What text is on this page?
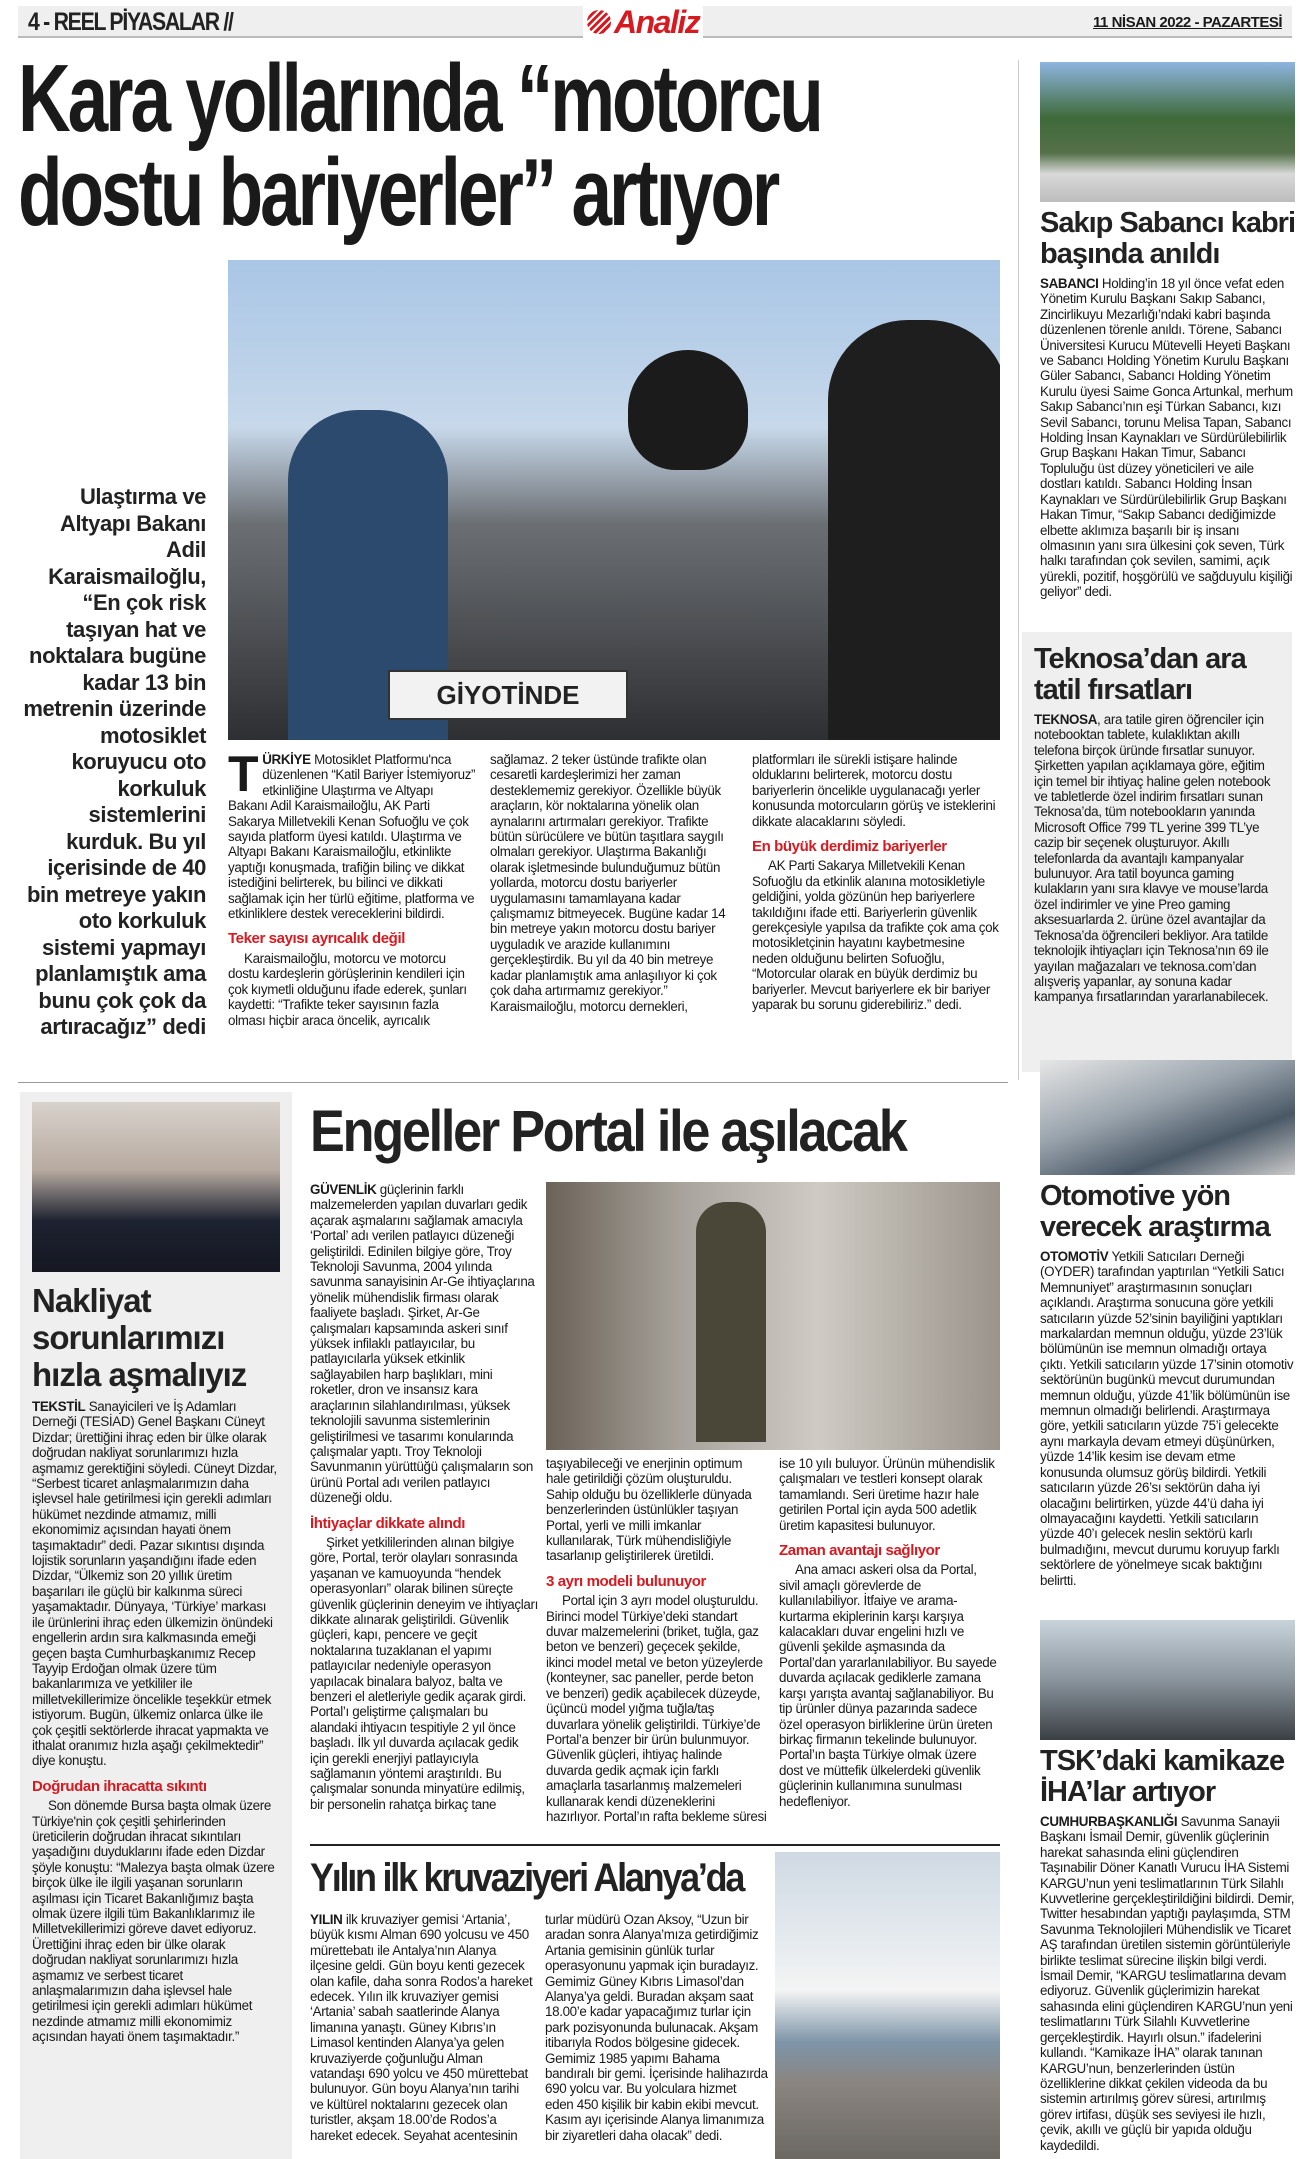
4 - REEL PİYASALAR //	Analiz	11 NİSAN 2022 - PAZARTESİ
Kara yollarında “motorcu dostu bariyerler” artıyor
GİYOTİNDE
Ulaştırma ve Altyapı Bakanı Adil Karaismailoğlu, “En çok risk taşıyan hat ve noktalara bugüne kadar 13 bin metrenin üzerinde motosiklet koruyucu oto korkuluk sistemlerini kurduk. Bu yıl içerisinde de 40 bin metreye yakın oto korkuluk sistemi yapmayı planlamıştık ama bunu çok çok da artıracağız” dedi

TÜRKİYE Motosiklet Platformu'nca düzenlenen “Katil Bariyer İstemiyoruz” etkinliğine Ulaştırma ve Altyapı Bakanı Adil Karaismailoğlu, AK Parti Sakarya Milletvekili Kenan Sofuoğlu ve çok sayıda platform üyesi katıldı. Ulaştırma ve Altyapı Bakanı Karaismailoğlu, etkinlikte yaptığı konuşmada, trafiğin bilinç ve dikkat istediğini belirterek, bu bilinci ve dikkati sağlamak için her türlü eğitime, platforma ve etkinliklere destek vereceklerini bildirdi.

Teker sayısı ayrıcalık değil

Karaismailoğlu, motorcu ve motorcu dostu kardeşlerin görüşlerinin kendileri için çok kıymetli olduğunu ifade ederek, şunları kaydetti: “Trafikte teker sayısının fazla olması hiçbir araca öncelik, ayrıcalık sağlamaz. 2 teker üstünde trafikte olan cesaretli kardeşlerimizi her zaman desteklememiz gerekiyor. Özellikle büyük araçların, kör noktalarına yönelik olan aynalarını artırmaları gerekiyor. Trafikte bütün sürücülere ve bütün taşıtlara saygılı olmaları gerekiyor. Ulaştırma Bakanlığı olarak işletmesinde bulunduğumuz bütün yollarda, motorcu dostu bariyerler uygulamasını tamamlayana kadar çalışmamız bitmeyecek. Bugüne kadar 14 bin metreye yakın motorcu dostu bariyer uyguladık ve arazide kullanımını gerçekleştirdik. Bu yıl da 40 bin metreye kadar planlamıştık ama anlaşılıyor ki çok çok daha artırmamız gerekiyor.” Karaismailoğlu, motorcu dernekleri, platformları ile sürekli istişare halinde olduklarını belirterek, motorcu dostu bariyerlerin öncelikle uygulanacağı yerler konusunda motorcuların görüş ve isteklerini dikkate alacaklarını söyledi.

En büyük derdimiz bariyerler

AK Parti Sakarya Milletvekili Kenan Sofuoğlu da etkinlik alanına motosikletiyle geldiğini, yolda gözünün hep bariyerlere takıldığını ifade etti. Bariyerlerin güvenlik gerekçesiyle yapılsa da trafikte çok ama çok motosikletçinin hayatını kaybetmesine neden olduğunu belirten Sofuoğlu, “Motorcular olarak en büyük derdimiz bu bariyerler. Mevcut bariyerlere ek bir bariyer yaparak bu sorunu giderebiliriz.” dedi.

Sakıp Sabancı kabri başında anıldı

SABANCI Holding’in 18 yıl önce vefat eden Yönetim Kurulu Başkanı Sakıp Sabancı, Zincirlikuyu Mezarlığı’ndaki kabri başında düzenlenen törenle anıldı. Törene, Sabancı Üniversitesi Kurucu Mütevelli Heyeti Başkanı ve Sabancı Holding Yönetim Kurulu Başkanı Güler Sabancı, Sabancı Holding Yönetim Kurulu üyesi Saime Gonca Artunkal, merhum Sakıp Sabancı’nın eşi Türkan Sabancı, kızı Sevil Sabancı, torunu Melisa Tapan, Sabancı Holding İnsan Kaynakları ve Sürdürülebilirlik Grup Başkanı Hakan Timur, Sabancı Topluluğu üst düzey yöneticileri ve aile dostları katıldı. Sabancı Holding İnsan Kaynakları ve Sürdürülebilirlik Grup Başkanı Hakan Timur, “Sakıp Sabancı dediğimizde elbette aklımıza başarılı bir iş insanı olmasının yanı sıra ülkesini çok seven, Türk halkı tarafından çok sevilen, samimi, açık yürekli, pozitif, hoşgörülü ve sağduyulu kişiliği geliyor” dedi.

Teknosa’dan ara tatil fırsatları

TEKNOSA, ara tatile giren öğrenciler için notebooktan tablete, kulaklıktan akıllı telefona birçok üründe fırsatlar sunuyor. Şirketten yapılan açıklamaya göre, eğitim için temel bir ihtiyaç haline gelen notebook ve tabletlerde özel indirim fırsatları sunan Teknosa’da, tüm notebookların yanında Microsoft Office 799 TL yerine 399 TL’ye cazip bir seçenek oluşturuyor. Akıllı telefonlarda da avantajlı kampanyalar bulunuyor. Ara tatil boyunca gaming kulakların yanı sıra klavye ve mouse’larda özel indirimler ve yine Preo gaming aksesuarlarda 2. ürüne özel avantajlar da Teknosa’da öğrencileri bekliyor. Ara tatilde teknolojik ihtiyaçları için Teknosa’nın 69 ile yayılan mağazaları ve teknosa.com’dan alışveriş yapanlar, ay sonuna kadar kampanya fırsatlarından yararlanabilecek.

Otomotive yön verecek araştırma

OTOMOTİV Yetkili Satıcıları Derneği (OYDER) tarafından yaptırılan “Yetkili Satıcı Memnuniyet” araştırmasının sonuçları açıklandı. Araştırma sonucuna göre yetkili satıcıların yüzde 52’sinin bayiliğini yaptıkları markalardan memnun olduğu, yüzde 23’lük bölümünün ise memnun olmadığı ortaya çıktı. Yetkili satıcıların yüzde 17’sinin otomotiv sektörünün bugünkü mevcut durumundan memnun olduğu, yüzde 41’lik bölümünün ise memnun olmadığı belirlendi. Araştırmaya göre, yetkili satıcıların yüzde 75’i gelecekte aynı markayla devam etmeyi düşünürken, yüzde 14’lik kesim ise devam etme konusunda olumsuz görüş bildirdi. Yetkili satıcıların yüzde 26’sı sektörün daha iyi olacağını belirtirken, yüzde 44’ü daha iyi olmayacağını kaydetti. Yetkili satıcıların yüzde 40’ı gelecek neslin sektörü karlı bulmadığını, mevcut durumu koruyup farklı sektörlere de yönelmeye sıcak baktığını belirtti.

TSK’daki kamikaze İHA’lar artıyor

CUMHURBAŞKANLIĞI Savunma Sanayii Başkanı İsmail Demir, güvenlik güçlerinin harekat sahasında elini güçlendiren Taşınabilir Döner Kanatlı Vurucu İHA Sistemi KARGU’nun yeni teslimatlarının Türk Silahlı Kuvvetlerine gerçekleştirildiğini bildirdi. Demir, Twitter hesabından yaptığı paylaşımda, STM Savunma Teknolojileri Mühendislik ve Ticaret AŞ tarafından üretilen sistemin görüntüleriyle birlikte teslimat sürecine ilişkin bilgi verdi. İsmail Demir, “KARGU teslimatlarına devam ediyoruz. Güvenlik güçlerimizin harekat sahasında elini güçlendiren KARGU’nun yeni teslimatlarını Türk Silahlı Kuvvetlerine gerçekleştirdik. Hayırlı olsun.” ifadelerini kullandı. “Kamikaze İHA” olarak tanınan KARGU’nun, benzerlerinden üstün özelliklerine dikkat çekilen videoda da bu sistemin artırılmış görev süresi, artırılmış görev irtifası, düşük ses seviyesi ile hızlı, çevik, akıllı ve güçlü bir yapıda olduğu kaydedildi.

Nakliyat sorunlarımızı hızla aşmalıyız

TEKSTİL Sanayicileri ve İş Adamları Derneği (TESİAD) Genel Başkanı Cüneyt Dizdar; ürettiğini ihraç eden bir ülke olarak doğrudan nakliyat sorunlarımızı hızla aşmamız gerektiğini söyledi. Cüneyt Dizdar, “Serbest ticaret anlaşmalarımızın daha işlevsel hale getirilmesi için gerekli adımları hükümet nezdinde atmamız, milli ekonomimiz açısından hayati önem taşımaktadır” dedi. Pazar sıkıntısı dışında lojistik sorunların yaşandığını ifade eden Dizdar, “Ülkemiz son 20 yıllık üretim başarıları ile güçlü bir kalkınma süreci yaşamaktadır. Dünyaya, ‘Türkiye’ markası ile ürünlerini ihraç eden ülkemizin önündeki engellerin ardın sıra kalkmasında emeği geçen başta Cumhurbaşkanımız Recep Tayyip Erdoğan olmak üzere tüm bakanlarımıza ve yetkililer ile milletvekillerimize öncelikle teşekkür etmek istiyorum. Bugün, ülkemiz onlarca ülke ile çok çeşitli sektörlerde ihracat yapmakta ve ithalat oranımız hızla aşağı çekilmektedir” diye konuştu.

Doğrudan ihracatta sıkıntı

Son dönemde Bursa başta olmak üzere Türkiye'nin çok çeşitli şehirlerinden üreticilerin doğrudan ihracat sıkıntıları yaşadığını duyduklarını ifade eden Dizdar şöyle konuştu: “Malezya başta olmak üzere birçok ülke ile ilgili yaşanan sorunların aşılması için Ticaret Bakanlığımız başta olmak üzere ilgili tüm Bakanlıklarımız ile Milletvekillerimizi göreve davet ediyoruz. Ürettiğini ihraç eden bir ülke olarak doğrudan nakliyat sorunlarımızı hızla aşmamız ve serbest ticaret anlaşmalarımızın daha işlevsel hale getirilmesi için gerekli adımları hükümet nezdinde atmamız milli ekonomimiz açısından hayati önem taşımaktadır.”

Engeller Portal ile aşılacak

GÜVENLİK güçlerinin farklı malzemelerden yapılan duvarları gedik açarak aşmalarını sağlamak amacıyla ‘Portal’ adı verilen patlayıcı düzeneği geliştirildi. Edinilen bilgiye göre, Troy Teknoloji Savunma, 2004 yılında savunma sanayisinin Ar-Ge ihtiyaçlarına yönelik mühendislik firması olarak faaliyete başladı. Şirket, Ar-Ge çalışmaları kapsamında askeri sınıf yüksek infilaklı patlayıcılar, bu patlayıcılarla yüksek etkinlik sağlayabilen harp başlıkları, mini roketler, dron ve insansız kara araçlarının silahlandırılması, yüksek teknolojili savunma sistemlerinin geliştirilmesi ve tasarımı konularında çalışmalar yaptı. Troy Teknoloji Savunmanın yürüttüğü çalışmaların son ürünü Portal adı verilen patlayıcı düzeneği oldu.

İhtiyaçlar dikkate alındı

Şirket yetkililerinden alınan bilgiye göre, Portal, terör olayları sonrasında yaşanan ve kamuoyunda “hendek operasyonları” olarak bilinen süreçte güvenlik güçlerinin deneyim ve ihtiyaçları dikkate alınarak geliştirildi. Güvenlik güçleri, kapı, pencere ve geçit noktalarına tuzaklanan el yapımı patlayıcılar nedeniyle operasyon yapılacak binalara balyoz, balta ve benzeri el aletleriyle gedik açarak girdi. Portal’ı geliştirme çalışmaları bu alandaki ihtiyacın tespitiyle 2 yıl önce başladı. İlk yıl duvarda açılacak gedik için gerekli enerjiyi patlayıcıyla sağlamanın yöntemi araştırıldı. Bu çalışmalar sonunda minyatüre edilmiş, bir personelin rahatça birkaç tane

taşıyabileceği ve enerjinin optimum hale getirildiği çözüm oluşturuldu. Sahip olduğu bu özelliklerle dünyada benzerlerinden üstünlükler taşıyan Portal, yerli ve milli imkanlar kullanılarak, Türk mühendisliğiyle tasarlanıp geliştirilerek üretildi.

3 ayrı modeli bulunuyor

Portal için 3 ayrı model oluşturuldu. Birinci model Türkiye’deki standart duvar malzemelerini (briket, tuğla, gaz beton ve benzeri) geçecek şekilde, ikinci model metal ve beton yüzeylerde (konteyner, sac paneller, perde beton ve benzeri) gedik açabilecek düzeyde, üçüncü model yığma tuğla/taş duvarlara yönelik geliştirildi. Türkiye’de Portal’a benzer bir ürün bulunmuyor. Güvenlik güçleri, ihtiyaç halinde duvarda gedik açmak için farklı amaçlarla tasarlanmış malzemeleri kullanarak kendi düzeneklerini hazırlıyor. Portal’ın rafta bekleme süresi ise 10 yılı buluyor. Ürünün mühendislik çalışmaları ve testleri konsept olarak tamamlandı. Seri üretime hazır hale getirilen Portal için ayda 500 adetlik üretim kapasitesi bulunuyor.

Zaman avantajı sağlıyor

Ana amacı askeri olsa da Portal, sivil amaçlı görevlerde de kullanılabiliyor. İtfaiye ve arama-kurtarma ekiplerinin karşı karşıya kalacakları duvar engelini hızlı ve güvenli şekilde aşmasında da Portal’dan yararlanılabiliyor. Bu sayede duvarda açılacak gediklerle zamana karşı yarışta avantaj sağlanabiliyor. Bu tip ürünler dünya pazarında sadece özel operasyon birliklerine ürün üreten birkaç firmanın tekelinde bulunuyor. Portal’ın başta Türkiye olmak üzere dost ve müttefik ülkelerdeki güvenlik güçlerinin kullanımına sunulması hedefleniyor.

Yılın ilk kruvaziyeri Alanya’da

YILIN ilk kruvaziyer gemisi ‘Artania’, büyük kısmı Alman 690 yolcusu ve 450 mürettebatı ile Antalya’nın Alanya ilçesine geldi. Gün boyu kenti gezecek olan kafile, daha sonra Rodos’a hareket edecek. Yılın ilk kruvaziyer gemisi ‘Artania’ sabah saatlerinde Alanya limanına yanaştı. Güney Kıbrıs’ın Limasol kentinden Alanya’ya gelen kruvaziyerde çoğunluğu Alman vatandaşı 690 yolcu ve 450 mürettebat bulunuyor. Gün boyu Alanya’nın tarihi ve kültürel noktalarını gezecek olan turistler, akşam 18.00’de Rodos’a hareket edecek. Seyahat acentesinin turlar müdürü Ozan Aksoy, “Uzun bir aradan sonra Alanya’mıza getirdiğimiz Artania gemisinin günlük turlar operasyonunu yapmak için buradayız. Gemimiz Güney Kıbrıs Limasol’dan Alanya’ya geldi. Buradan akşam saat 18.00’e kadar yapacağımız turlar için park pozisyonunda bulunacak. Akşam itibarıyla Rodos bölgesine gidecek. Gemimiz 1985 yapımı Bahama bandıralı bir gemi. İçerisinde halihazırda 690 yolcu var. Bu yolculara hizmet eden 450 kişilik bir kabin ekibi mevcut. Kasım ayı içerisinde Alanya limanımıza bir ziyaretleri daha olacak” dedi.
